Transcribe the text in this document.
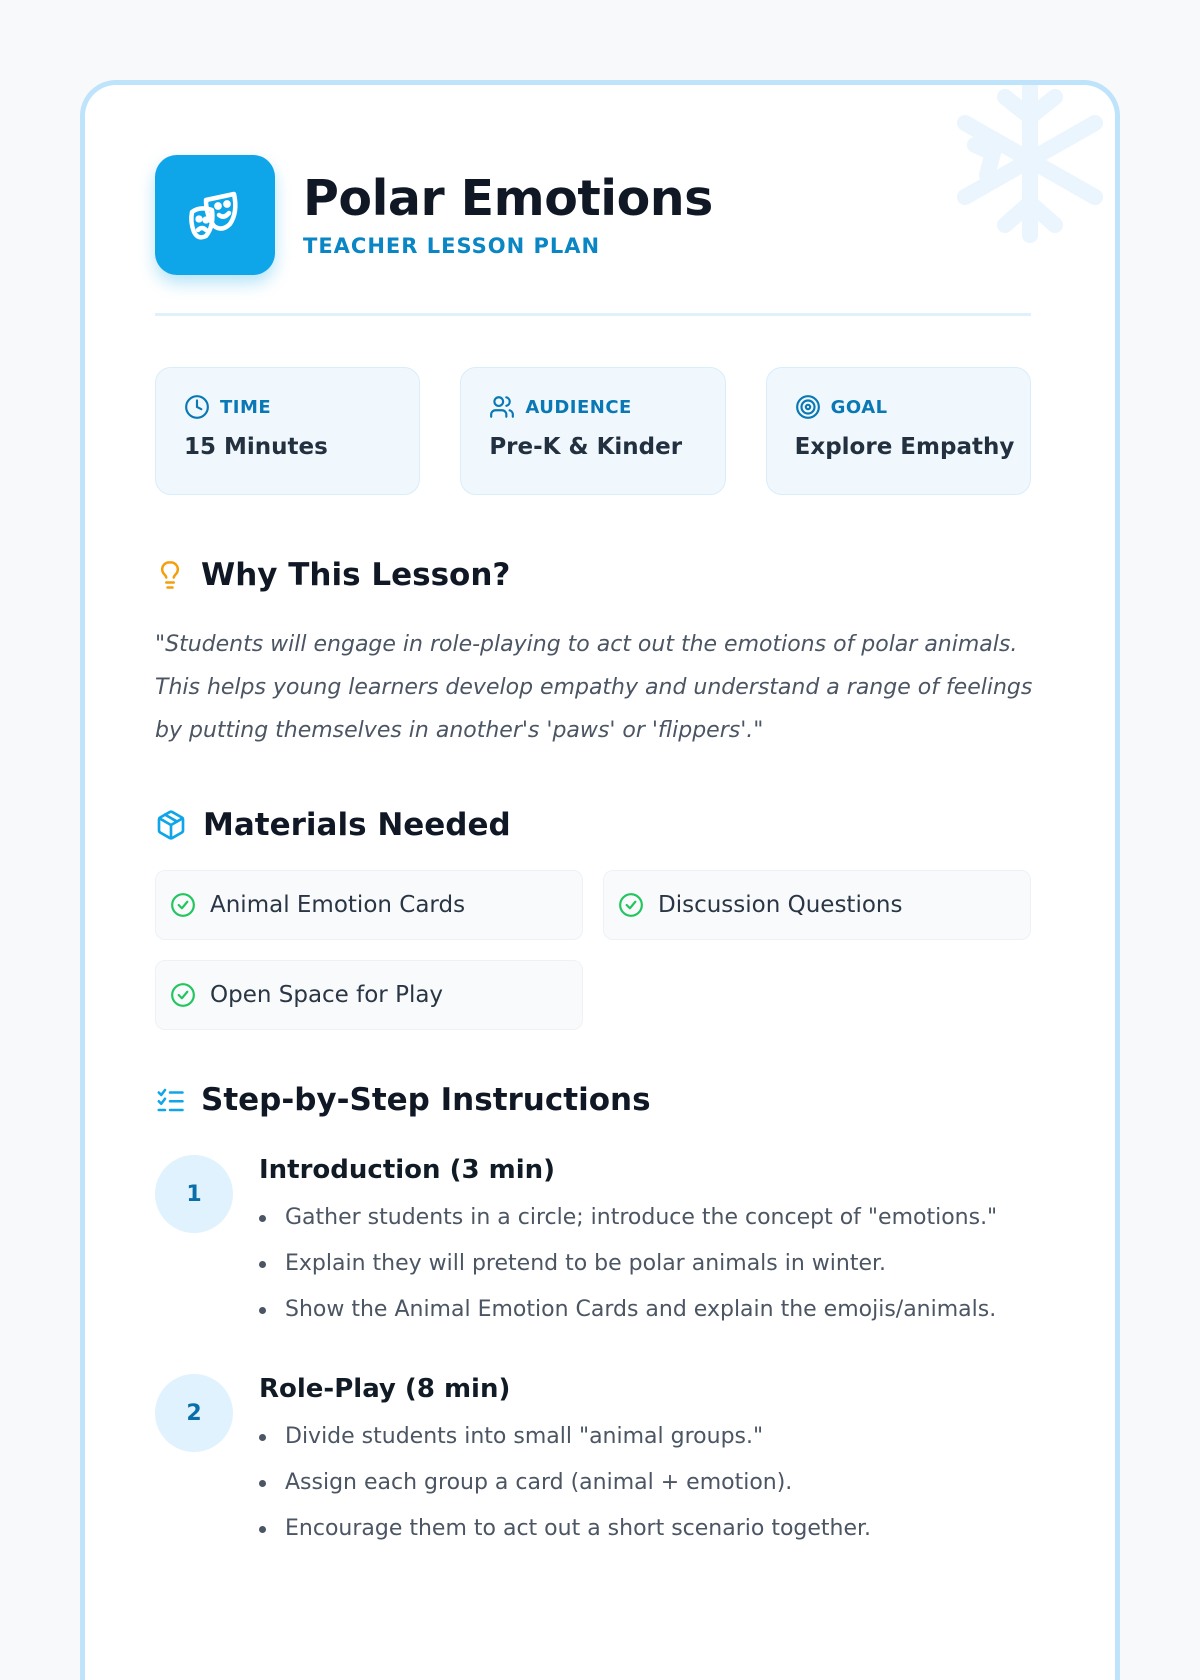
Polar Emotions
TEACHER LESSON PLAN
TIME
15 Minutes
AUDIENCE
Pre-K & Kinder
GOAL
Explore Empathy
Why This Lesson?

"Students will engage in role-playing to act out the emotions of polar animals. This helps young learners develop empathy and understand a range of feelings by putting themselves in another's 'paws' or 'flippers'."

Materials Needed
Animal Emotion Cards	Discussion Questions
Open Space for Play
Step-by-Step Instructions
1
Introduction (3 min)
Gather students in a circle; introduce the concept of "emotions."
Explain they will pretend to be polar animals in winter.
Show the Animal Emotion Cards and explain the emojis/animals.
2
Role-Play (8 min)
Divide students into small "animal groups."
Assign each group a card (animal + emotion).
Encourage them to act out a short scenario together.
